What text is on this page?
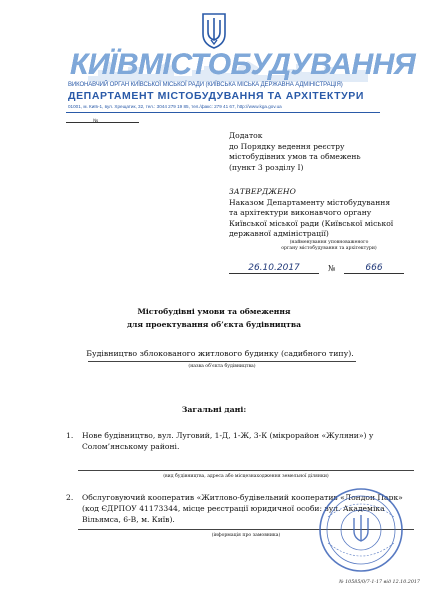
КИЇВМІСТОБУДУВАННЯ
ВИКОНАВЧИЙ ОРГАН КИЇВСЬКОЇ МІСЬКОЇ РАДИ (КИЇВСЬКА МІСЬКА ДЕРЖАВНА АДМІНІСТРАЦІЯ)
ДЕПАРТАМЕНТ МІСТОБУДУВАННЯ ТА АРХІТЕКТУРИ
01001, м. Київ-1, вул. Хрещатик, 32, тел.: 3044 279 19 85, тел./факс: 279 41 67, http://www.kga.gov.ua
№
Додаток
до Порядку ведення реєстру
містобудівних умов та обмежень
(пункт 3 розділу І)
ЗАТВЕРДЖЕНО
Наказом Департаменту містобудування
та архітектури виконавчого органу
Київської міської ради (Київської міської
державної адміністрації)
(найменування уповноваженого
органу містобудування та архітектури)
26.10.2017	№	666
Містобудівні умови та обмеження
для проектування об’єкта будівництва
Будівництво зблокованого житлового будинку (садибного типу).
(назва об’єкта будівництва)
Загальні дані:
1.	Нове будівництво, вул. Луговий, 1-Д, 1-Ж, 3-К (мікрорайон «Жуляни») у Солом’янському районі.
(вид будівництва, адреса або місцезнаходження земельної ділянки)
2.	Обслуговуючий кооператив «Житлово-будівельний кооператив «Лондон Парк» (код ЄДРПОУ 41173344, місце реєстрації юридичної особи: вул. Академіка Вільямса, 6-В, м. Київ).
(інформація про замовника)
№ 10585/0/7-1-17 від 12.10.2017
